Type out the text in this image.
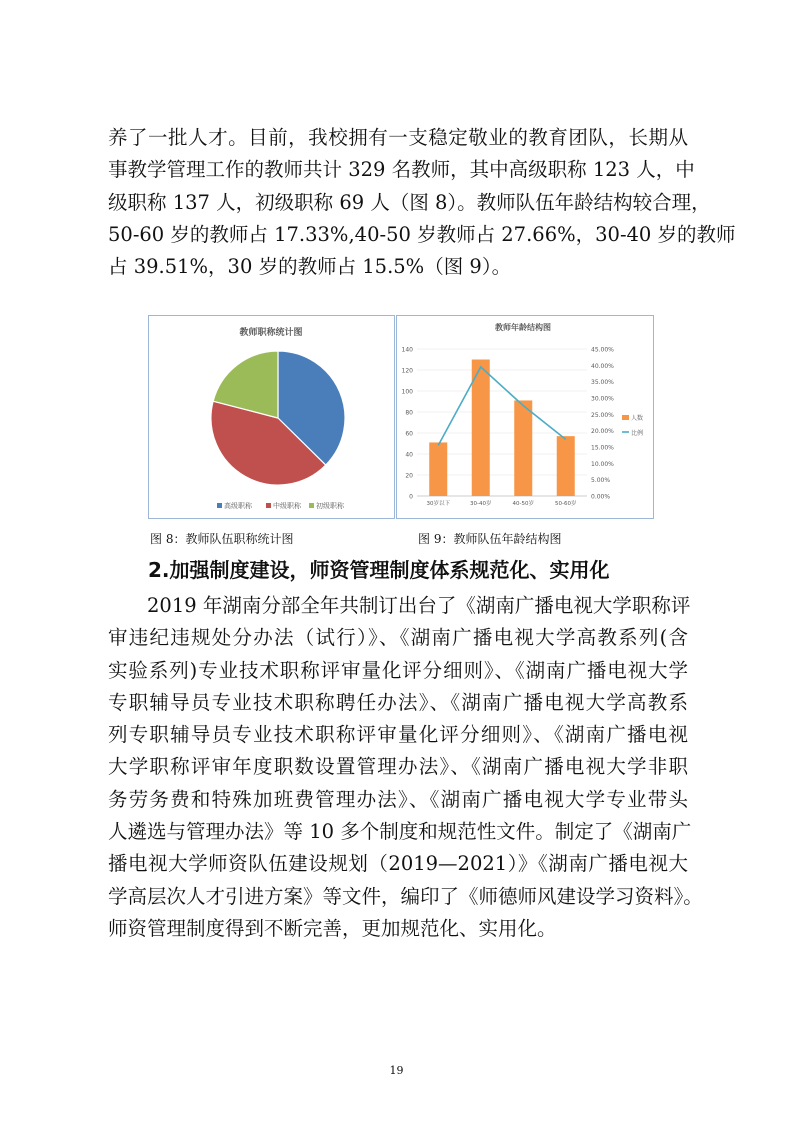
养了一批人才。目前，我校拥有一支稳定敬业的教育团队，长期从
事教学管理工作的教师共计 329 名教师，其中高级职称 123 人，中
级职称 137 人，初级职称 69 人（图 8）。教师队伍年龄结构较合理，
50-60 岁的教师占 17.33%,40-50 岁教师占 27.66%，30-40 岁的教师
占 39.51%，30 岁的教师占 15.5%（图 9）。
教师职称统计图
高级职称	中级职称 初级职称
教师年龄结构图
0
20
40
60
80
100
120
140
0.00%
5.00%
10.00%
15.00%
20.00%
25.00%
30.00%
35.00%
40.00%
45.00%
30岁以下	30-40岁	40-50岁	50-60岁
人数
比例
图 8：教师队伍职称统计图	图 9：教师队伍年龄结构图
2.加强制度建设，师资管理制度体系规范化、实用化
2019 年湖南分部全年共制订出台了《湖南广播电视大学职称评
审违纪违规处分办法（试行）》、《湖南广播电视大学高教系列(含
实验系列)专业技术职称评审量化评分细则》、《湖南广播电视大学
专职辅导员专业技术职称聘任办法》、《湖南广播电视大学高教系
列专职辅导员专业技术职称评审量化评分细则》、《湖南广播电视
大学职称评审年度职数设置管理办法》、《湖南广播电视大学非职
务劳务费和特殊加班费管理办法》、《湖南广播电视大学专业带头
人遴选与管理办法》等 10 多个制度和规范性文件。制定了《湖南广
播电视大学师资队伍建设规划（2019—2021）》《湖南广播电视大
学高层次人才引进方案》等文件，编印了《师德师风建设学习资料》。
师资管理制度得到不断完善，更加规范化、实用化。
19
